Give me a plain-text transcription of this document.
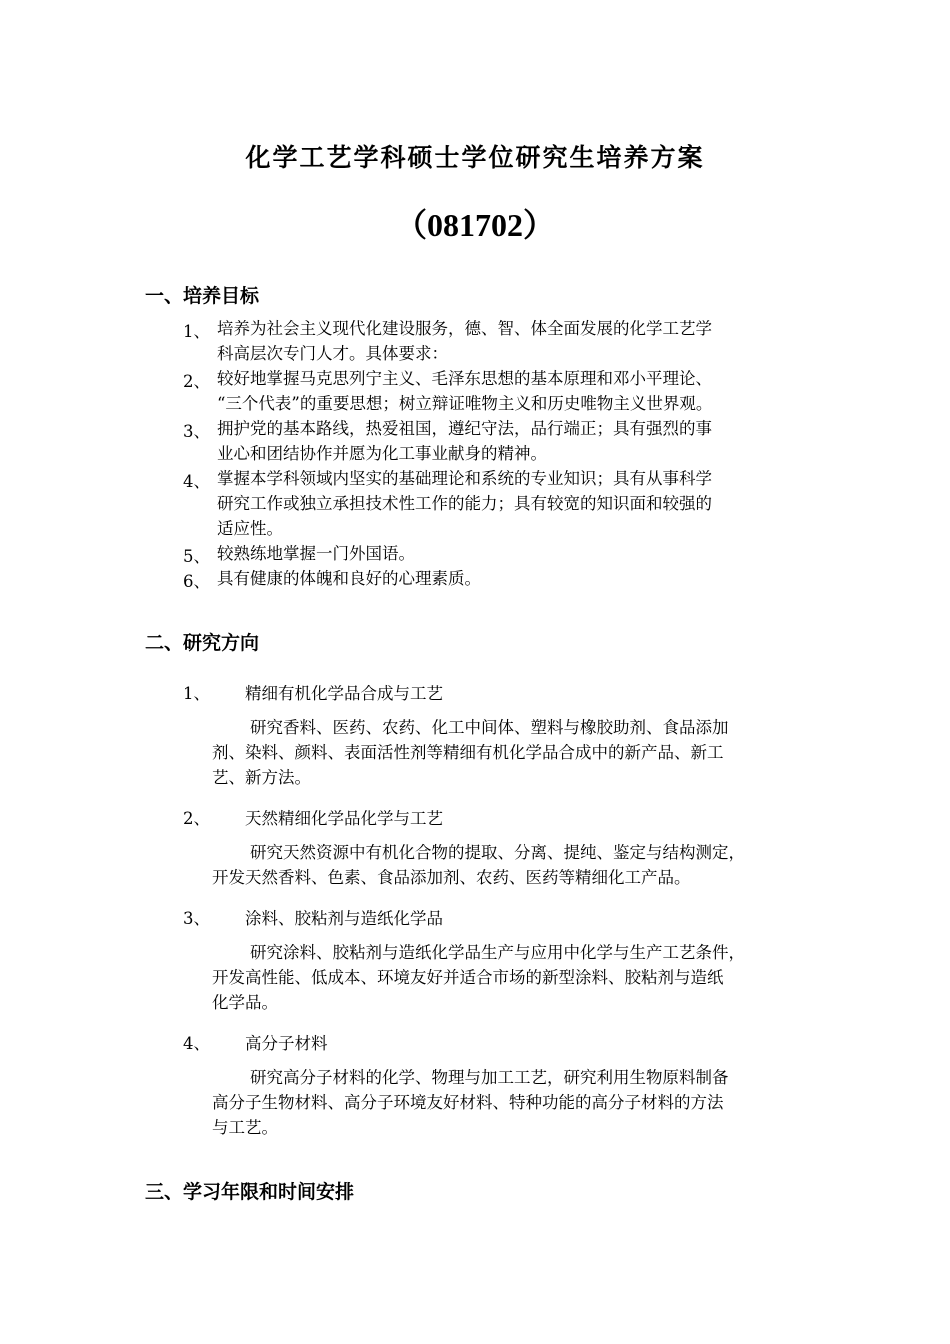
化学工艺学科硕士学位研究生培养方案
（081702）
一、培养目标
1、 培养为社会主义现代化建设服务，德、智、体全面发展的化学工艺学
科高层次专门人才。具体要求：
2、 较好地掌握马克思列宁主义、毛泽东思想的基本原理和邓小平理论、
“三个代表”的重要思想；树立辩证唯物主义和历史唯物主义世界观。
3、 拥护党的基本路线，热爱祖国，遵纪守法，品行端正；具有强烈的事
业心和团结协作并愿为化工事业献身的精神。
4、 掌握本学科领域内坚实的基础理论和系统的专业知识；具有从事科学
研究工作或独立承担技术性工作的能力；具有较宽的知识面和较强的
适应性。
5、 较熟练地掌握一门外国语。
6、 具有健康的体魄和良好的心理素质。
二、研究方向
1、 精细有机化学品合成与工艺
研究香料、医药、农药、化工中间体、塑料与橡胶助剂、食品添加
剂、染料、颜料、表面活性剂等精细有机化学品合成中的新产品、新工
艺、新方法。
2、 天然精细化学品化学与工艺
研究天然资源中有机化合物的提取、分离、提纯、鉴定与结构测定，
开发天然香料、色素、食品添加剂、农药、医药等精细化工产品。
3、 涂料、胶粘剂与造纸化学品
研究涂料、胶粘剂与造纸化学品生产与应用中化学与生产工艺条件，
开发高性能、低成本、环境友好并适合市场的新型涂料、胶粘剂与造纸
化学品。
4、 高分子材料
研究高分子材料的化学、物理与加工工艺，研究利用生物原料制备
高分子生物材料、高分子环境友好材料、特种功能的高分子材料的方法
与工艺。
三、学习年限和时间安排
